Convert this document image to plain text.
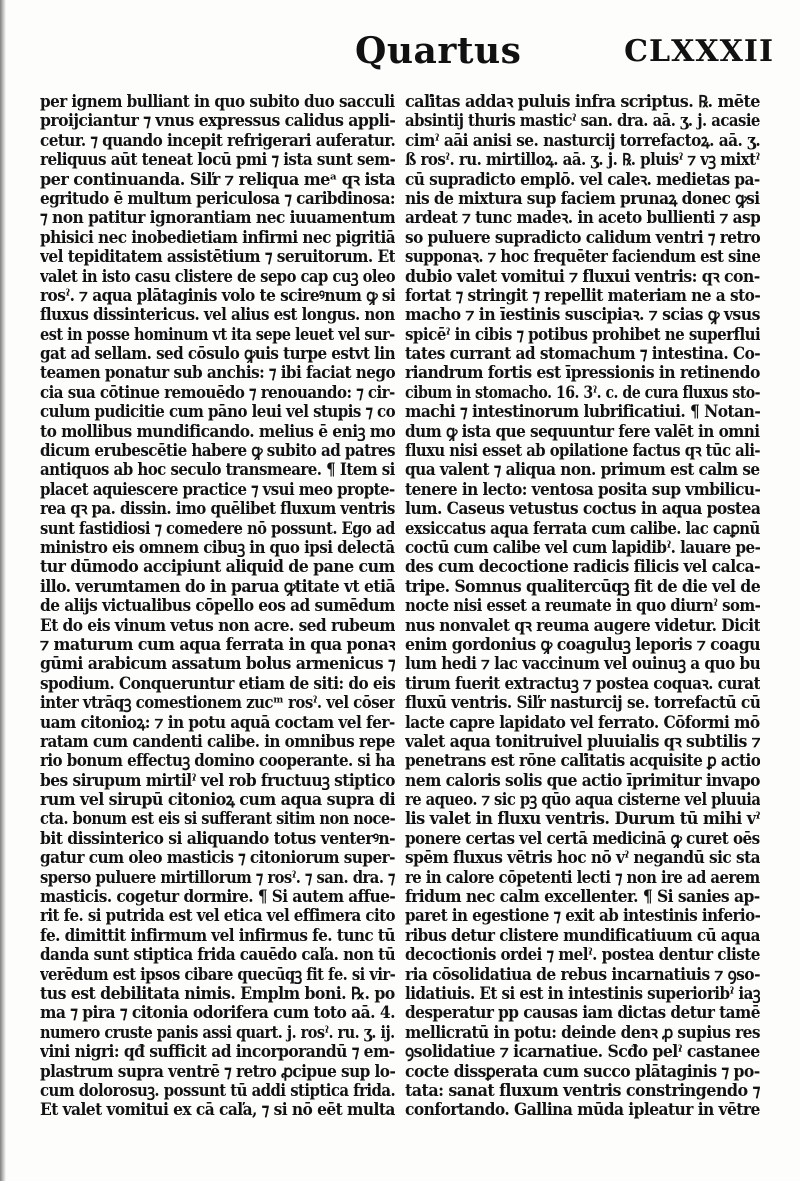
Quartus	CLXXXII
per ignem bulliant in quo subito duo sacculi
proijciantur ⁊ vnus expressus calidus appli-
cetur. ⁊ quando incepit refrigerari auferatur.
reliquus aūt teneat locū pmi ⁊ ista sunt sem-
per continuanda. Siľr ⁊ reliqua meᵃ qꝛ ista
egritudo ē multum periculosa ⁊ caribdinosa:
⁊ non patitur ignorantiam nec iuuamentum
phisici nec inobedietiam infirmi nec pigritiā
vel tepiditatem assistētium ⁊ seruitorum. Et
valet in isto casu clistere de sepo cap cuꝫ oleo
rosˀ. ⁊ aqua plātaginis volo te scireꝰnum ꝙ si
fluxus dissintericus. vel alius est longus. non
est in posse hominum vt ita sepe leuet vel sur-
gat ad sellam. sed cōsulo ꝙuis turpe estvt lin
teamen ponatur sub anchis: ⁊ ibi faciat nego
cia sua cōtinue remouēdo ⁊ renouando: ⁊ cir-
culum pudicitie cum pāno leui vel stupis ⁊ co
to mollibus mundificando. melius ē eniꝫ mo
dicum erubescētie habere ꝙ subito ad patres
antiquos ab hoc seculo transmeare. ¶ Item si
placet aquiescere practice ⁊ vsui meo propte-
rea qꝛ pa. dissin. imo quēlibet fluxum ventris
sunt fastidiosi ⁊ comedere nō possunt. Ego ad
ministro eis omnem cibuꝫ in quo ipsi delectā
tur dūmodo accipiunt aliquid de pane cum
illo. verumtamen do in parua ꝙtitate vt etiā
de alijs victualibus cōpello eos ad sumēdum
Et do eis vinum vetus non acre. sed rubeum
⁊ maturum cum aqua ferrata in qua ponaꝛ
gūmi arabicum assatum bolus armenicus ⁊
spodium. Conqueruntur etiam de siti: do eis
inter vtrāqꝫ comestionem zucᵐ rosˀ. vel cōser
uam citonioꝝ: ⁊ in potu aquā coctam vel fer-
ratam cum candenti calibe. in omnibus repe
rio bonum effectuꝫ domino cooperante. si ha
bes sirupum mirtilˀ vel rob fructuuꝫ stiptico
rum vel sirupū citonioꝝ cum aqua supra di
cta. bonum est eis si sufferant sitim non noce-
bit dissinterico si aliquando totus venterꝰn-
gatur cum oleo masticis ⁊ citoniorum super-
sperso puluere mirtillorum ⁊ rosˀ. ⁊ san. dra. ⁊
masticis. cogetur dormire. ¶ Si autem affue-
rit fe. si putrida est vel etica vel effimera cito
fe. dimittit infirmum vel infirmus fe. tunc tū
danda sunt stiptica frida cauēdo caľa. non tū
verēdum est ipsos cibare quecūqꝫ fit fe. si vir-
tus est debilitata nimis. Emplm boni. ℞. po
ma ⁊ pira ⁊ citonia odorifera cum toto aā. 4.
numero cruste panis assi quart. j. rosˀ. ru. ʒ. ij.
vini nigri: qđ sufficit ad incorporandū ⁊ em-
plastrum supra ventrē ⁊ retro ꝓcipue sup lo-
cum dolorosuꝫ. possunt tū addi stiptica frida.
Et valet vomitui ex cā caľa, ⁊ si nō eēt multa
caľitas addaꝛ puluis infra scriptus. ℞. mēte
absintij thuris masticˀ san. dra. aā. ʒ. j. acasie
cimˀ aāi anisi se. nasturcij torrefactoꝝ. aā. ʒ.
ß rosˀ. ru. mirtilloꝝ. aā. ʒ. j. ℞. pluisˀ ⁊ vꝫ mixtˀ
cū supradicto emplō. vel caleꝛ. medietas pa-
nis de mixtura sup faciem prunaꝝ donec ꝙsi
ardeat ⁊ tunc madeꝛ. in aceto bullienti ⁊ asp
so puluere supradicto calidum ventri ⁊ retro
supponaꝛ. ⁊ hoc frequēter faciendum est sine
dubio valet vomitui ⁊ fluxui ventris: qꝛ con-
fortat ⁊ stringit ⁊ repellit materiam ne a sto-
macho ⁊ in īestinis suscipiaꝛ. ⁊ scias ꝙ vsus
spicēˀ in cibis ⁊ potibus prohibet ne superflui
tates currant ad stomachum ⁊ intestina. Co-
riandrum fortis est īpressionis in retinendo
cibum in stomacho. 16. 3ˀ. c. de cura fluxus sto-
machi ⁊ intestinorum lubrificatiui. ¶ Notan-
dum ꝙ ista que sequuntur fere valēt in omni
fluxu nisi esset ab opilatione factus qꝛ tūc ali-
qua valent ⁊ aliqua non. primum est calm se
tenere in lecto: ventosa posita sup vmbilicu-
lum. Caseus vetustus coctus in aqua postea
exsiccatus aqua ferrata cum calibe. lac caꝑnū
coctū cum calibe vel cum lapidibˀ. lauare pe-
des cum decoctione radicis filicis vel calca-
tripe. Somnus qualitercūqꝫ fit de die vel de
nocte nisi esset a reumate in quo diurnˀ som-
nus nonvalet qꝛ reuma augere videtur. Dicit
enim gordonius ꝙ coaguluꝫ leporis ⁊ coagu
lum hedi ⁊ lac vaccinum vel ouinuꝫ a quo bu
tirum fuerit extractuꝫ ⁊ postea coquaꝛ. curat
fluxū ventris. Siľr nasturcij se. torrefactū cū
lacte capre lapidato vel ferrato. Cōformi mō
valet aqua tonitruivel pluuialis qꝛ subtilis ⁊
penetrans est rōne caľitatis acquisite ꝑ actio
nem caloris solis que actio īprimitur invapo
re aqueo. ⁊ sic pꝫ qūo aqua cisterne vel pluuia
lis valet in fluxu ventris. Durum tū mihi vˀ
ponere certas vel certā medicinā ꝙ curet oēs
spēm fluxus vētris hoc nō vˀ negandū sic sta
re in calore cōpetenti lecti ⁊ non ire ad aerem
fridum nec calm excellenter. ¶ Si sanies ap-
paret in egestione ⁊ exit ab intestinis inferio-
ribus detur clistere mundificatiuum cū aqua
decoctionis ordei ⁊ melˀ. postea dentur cliste
ria cōsolidatiua de rebus incarnatiuis ⁊ ꝯso-
lidatiuis. Et si est in intestinis superioribˀ iaꝫ
desperatur pp causas iam dictas detur tamē
mellicratū in potu: deinde denꝛ ꝓ supius res
ꝯsolidatiue ⁊ icarnatiue. Scđo pelˀ castanee
cocte dissꝑerata cum succo plātaginis ⁊ po-
tata: sanat fluxum ventris constringendo ⁊
confortando. Gallina mūda ipleatur in vētre
